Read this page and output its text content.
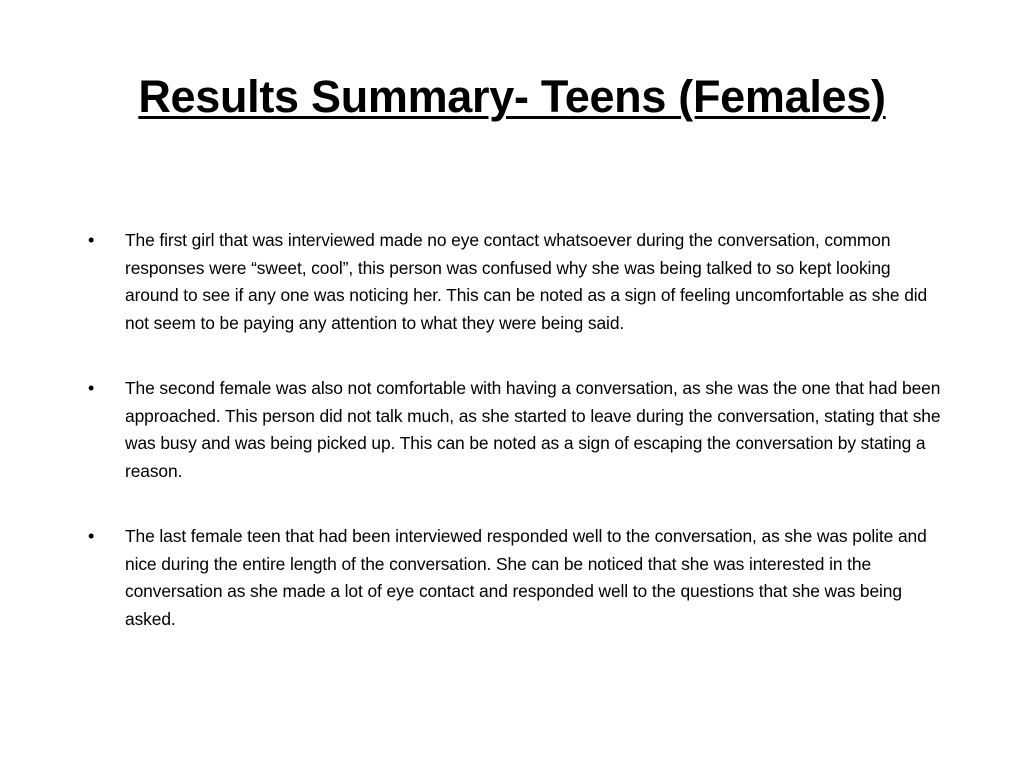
Results Summary- Teens (Females)
•	The first girl that was interviewed made no eye contact whatsoever during the conversation, common responses were “sweet, cool”, this person was confused why she was being talked to so kept looking around to see if any one was noticing her. This can be noted as a sign of feeling uncomfortable as she did not seem to be paying any attention to what they were being said.
•	The second female was also not comfortable with having a conversation, as she was the one that had been approached. This person did not talk much, as she started to leave during the conversation, stating that she was busy and was being picked up. This can be noted as a sign of escaping the conversation by stating a reason.
•	The last female teen that had been interviewed responded well to the conversation, as she was polite and nice during the entire length of the conversation. She can be noticed that she was interested in the conversation as she made a lot of eye contact and responded well to the questions that she was being asked.
